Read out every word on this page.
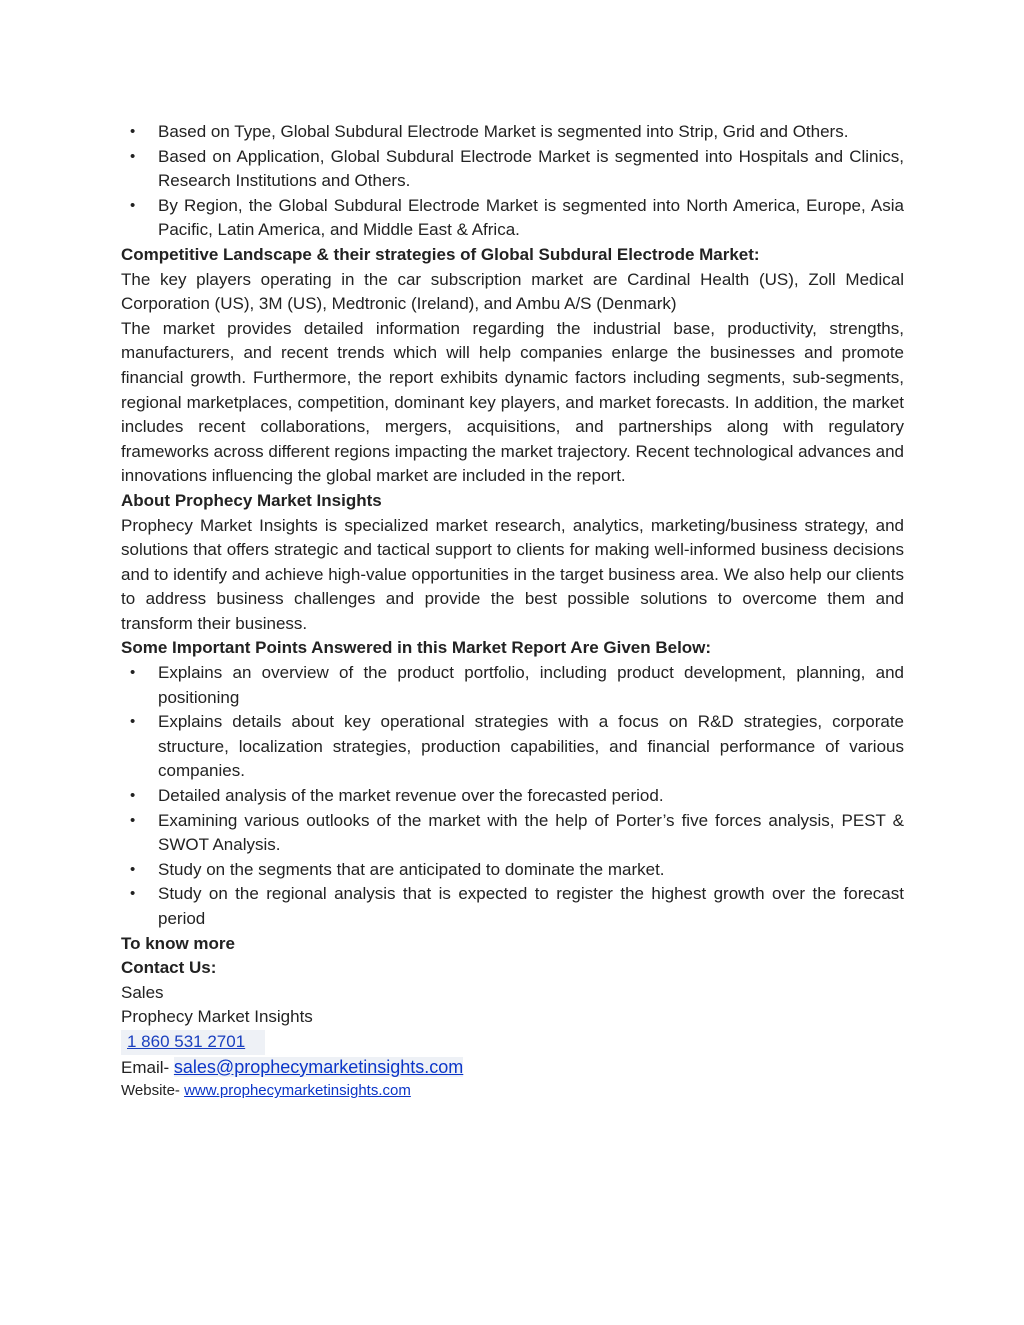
• Based on Type, Global Subdural Electrode Market is segmented into Strip, Grid and Others.
• Based on Application, Global Subdural Electrode Market is segmented into Hospitals and Clinics, Research Institutions and Others.
• By Region, the Global Subdural Electrode Market is segmented into North America, Europe, Asia Pacific, Latin America, and Middle East & Africa.

Competitive Landscape & their strategies of Global Subdural Electrode Market:

The key players operating in the car subscription market are Cardinal Health (US), Zoll Medical Corporation (US), 3M (US), Medtronic (Ireland), and Ambu A/S (Denmark)

The market provides detailed information regarding the industrial base, productivity, strengths, manufacturers, and recent trends which will help companies enlarge the businesses and promote financial growth. Furthermore, the report exhibits dynamic factors including segments, sub-segments, regional marketplaces, competition, dominant key players, and market forecasts. In addition, the market includes recent collaborations, mergers, acquisitions, and partnerships along with regulatory frameworks across different regions impacting the market trajectory. Recent technological advances and innovations influencing the global market are included in the report.

About Prophecy Market Insights

Prophecy Market Insights is specialized market research, analytics, marketing/business strategy, and solutions that offers strategic and tactical support to clients for making well-informed business decisions and to identify and achieve high-value opportunities in the target business area. We also help our clients to address business challenges and provide the best possible solutions to overcome them and transform their business.

Some Important Points Answered in this Market Report Are Given Below:

• Explains an overview of the product portfolio, including product development, planning, and positioning
• Explains details about key operational strategies with a focus on R&D strategies, corporate structure, localization strategies, production capabilities, and financial performance of various companies.
• Detailed analysis of the market revenue over the forecasted period.
• Examining various outlooks of the market with the help of Porter’s five forces analysis, PEST & SWOT Analysis.
• Study on the segments that are anticipated to dominate the market.
• Study on the regional analysis that is expected to register the highest growth over the forecast period

To know more

Contact Us:

Sales

Prophecy Market Insights

1 860 531 2701

Email- sales@prophecymarketinsights.com

Website- www.prophecymarketinsights.com
